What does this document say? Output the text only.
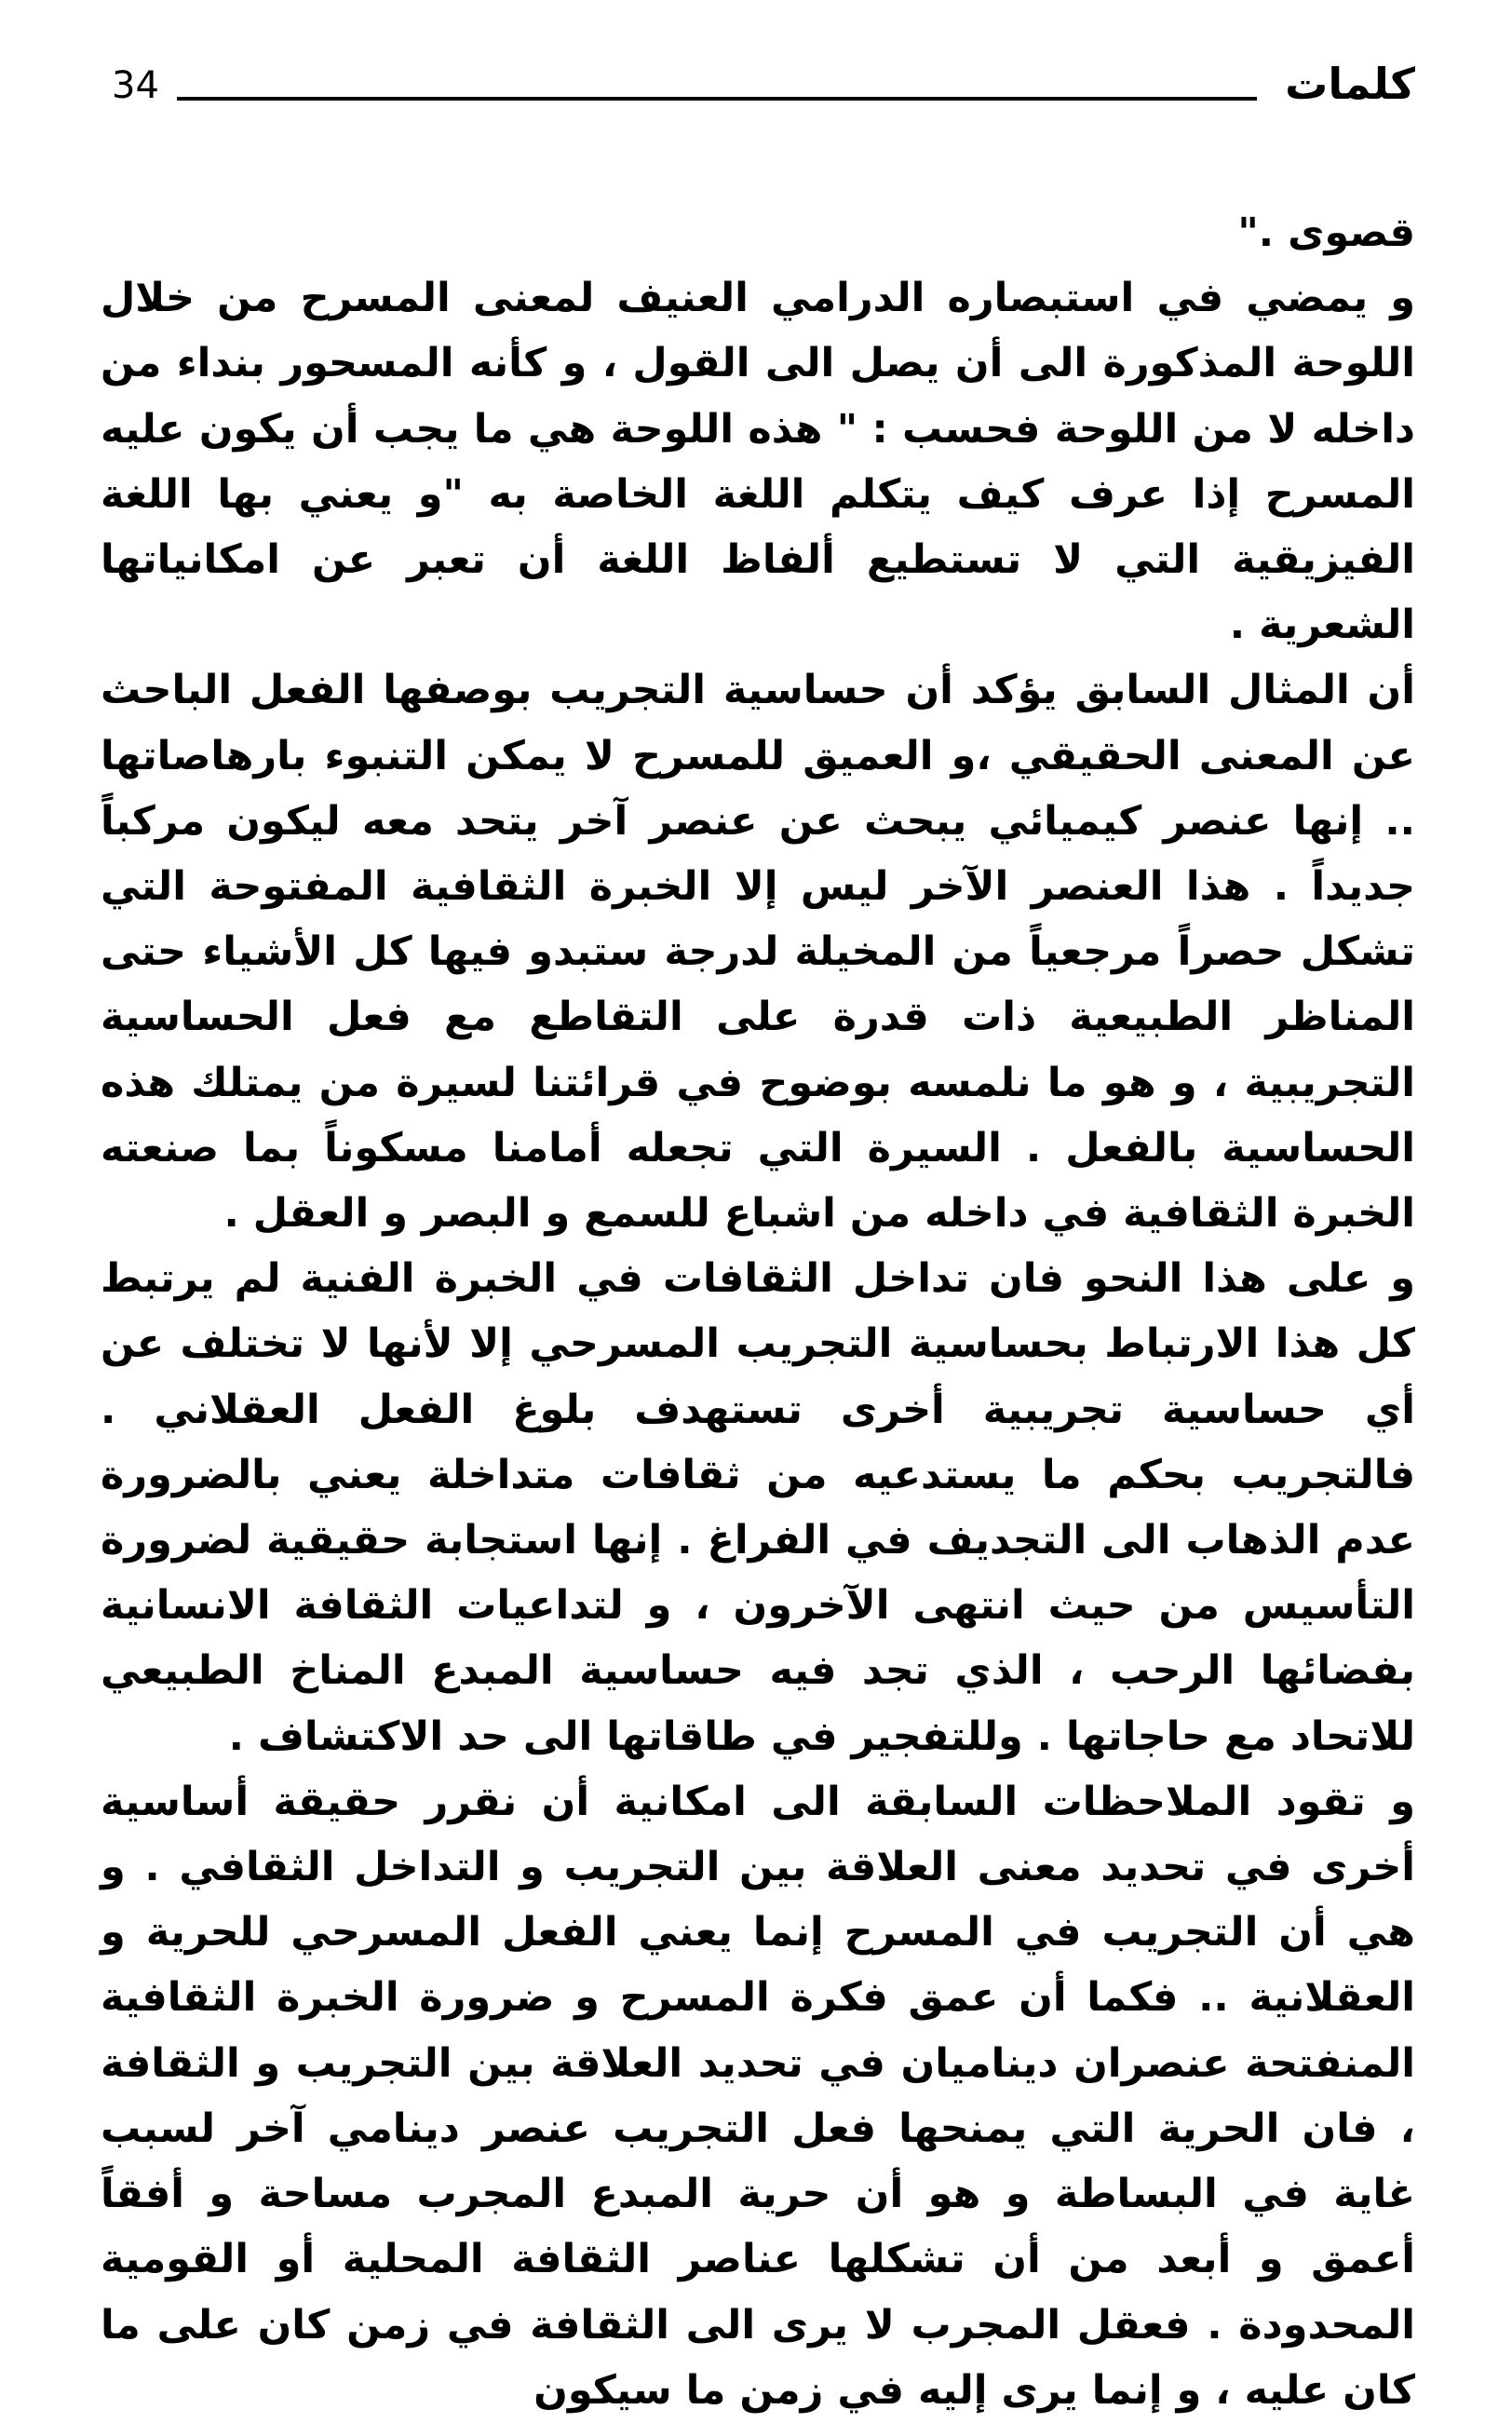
34	كلمات

قصوى ."

و يمضي في استبصاره الدرامي العنيف لمعنى المسرح من خلال اللوحة المذكورة الى أن يصل الى القول ، و كأنه المسحور بنداء من داخله لا من اللوحة فحسب : " هذه اللوحة هي ما يجب أن يكون عليه المسرح إذا عرف كيف يتكلم اللغة الخاصة به "و يعني بها اللغة الفيزيقية التي لا تستطيع ألفاظ اللغة أن تعبر عن امكانياتها الشعرية .

أن المثال السابق يؤكد أن حساسية التجريب بوصفها الفعل الباحث عن المعنى الحقيقي ،و العميق للمسرح لا يمكن التنبوء بارهاصاتها .. إنها عنصر كيميائي يبحث عن عنصر آخر يتحد معه ليكون مركباً جديداً . هذا العنصر الآخر ليس إلا الخبرة الثقافية المفتوحة التي تشكل حصراً مرجعياً من المخيلة لدرجة ستبدو فيها كل الأشياء حتى المناظر الطبيعية ذات قدرة على التقاطع مع فعل الحساسية التجريبية ، و هو ما نلمسه بوضوح في قرائتنا لسيرة من يمتلك هذه الحساسية بالفعل . السيرة التي تجعله أمامنا مسكوناً بما صنعته الخبرة الثقافية في داخله من اشباع للسمع و البصر و العقل .

و على هذا النحو فان تداخل الثقافات في الخبرة الفنية لم يرتبط كل هذا الارتباط بحساسية التجريب المسرحي إلا لأنها لا تختلف عن أي حساسية تجريبية أخرى تستهدف بلوغ الفعل العقلاني . فالتجريب بحكم ما يستدعيه من ثقافات متداخلة يعني بالضرورة عدم الذهاب الى التجديف في الفراغ . إنها استجابة حقيقية لضرورة التأسيس من حيث انتهى الآخرون ، و لتداعيات الثقافة الانسانية بفضائها الرحب ، الذي تجد فيه حساسية المبدع المناخ الطبيعي للاتحاد مع حاجاتها . وللتفجير في طاقاتها الى حد الاكتشاف .

و تقود الملاحظات السابقة الى امكانية أن نقرر حقيقة أساسية أخرى في تحديد معنى العلاقة بين التجريب و التداخل الثقافي . و هي أن التجريب في المسرح إنما يعني الفعل المسرحي للحرية و العقلانية .. فكما أن عمق فكرة المسرح و ضرورة الخبرة الثقافية المنفتحة عنصران ديناميان في تحديد العلاقة بين التجريب و الثقافة ، فان الحرية التي يمنحها فعل التجريب عنصر دينامي آخر لسبب غاية في البساطة و هو أن حرية المبدع المجرب مساحة و أفقاً أعمق و أبعد من أن تشكلها عناصر الثقافة المحلية أو القومية المحدودة . فعقل المجرب لا يرى الى الثقافة في زمن كان على ما كان عليه ، و إنما يرى إليه في زمن ما سيكون
